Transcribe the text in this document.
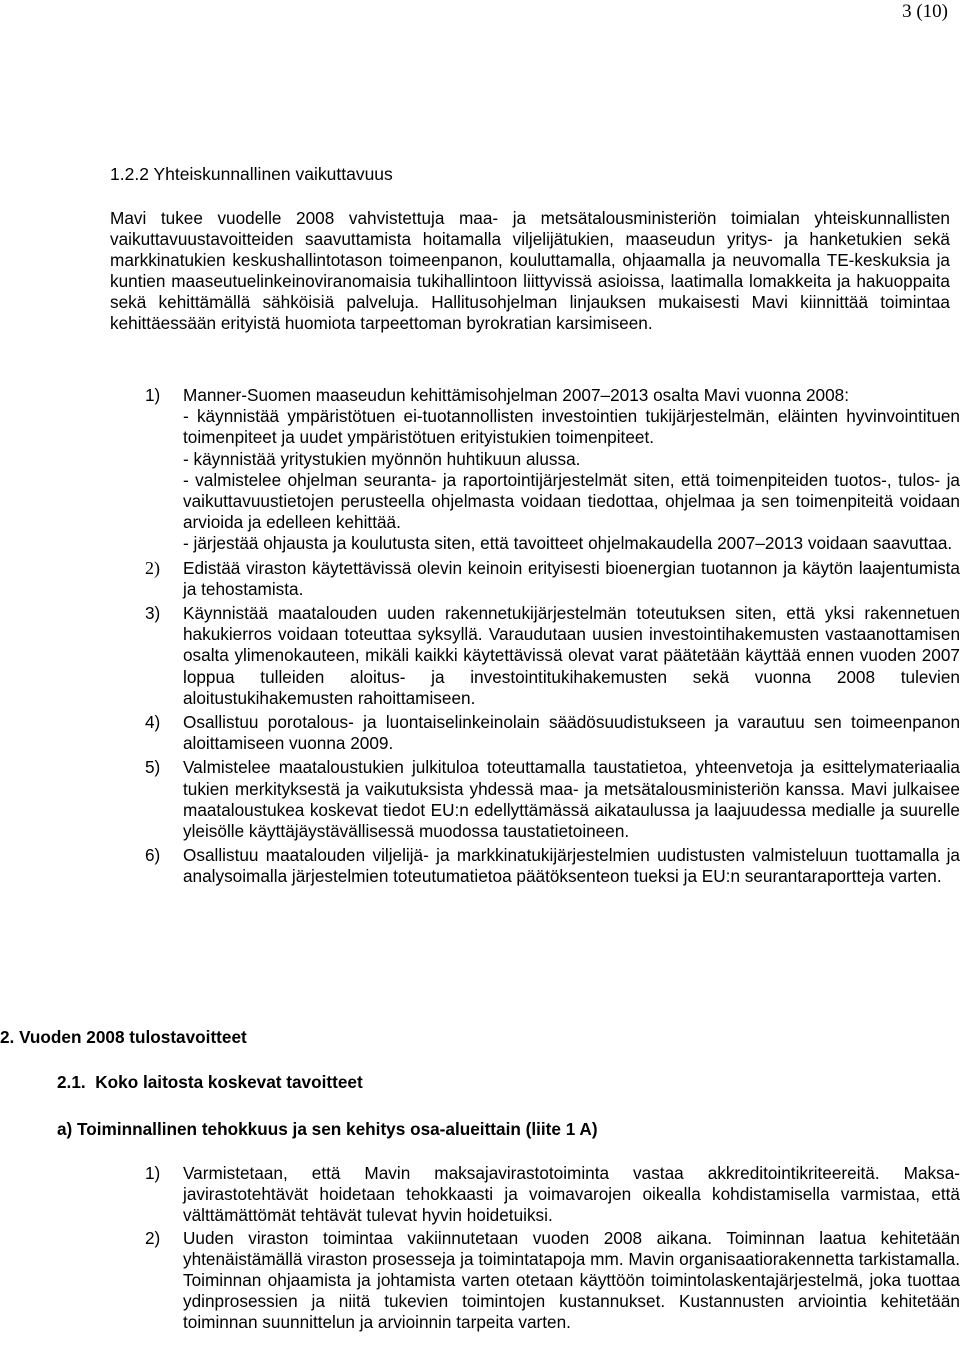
3 (10)
1.2.2 Yhteiskunnallinen vaikuttavuus
Mavi tukee vuodelle 2008 vahvistettuja maa- ja metsätalousministeriön toimialan yhteiskunnallisten vaikuttavuustavoitteiden saavuttamista hoitamalla viljelijätukien, maaseudun yritys- ja hanketukien sekä markkinatukien keskushallintotason toimeenpanon, kouluttamalla, ohjaamalla ja neuvomalla TE-keskuksia ja kuntien maaseutuelinkeinoviranomaisia tukihallintoon liittyvissä asioissa, laatimalla lomakkeita ja hakuoppaita sekä kehittämällä sähköisiä palveluja. Hallitusohjelman linjauksen mukaisesti Mavi kiinnittää toimintaa kehittäessään erityistä huomiota tarpeettoman byrokratian karsimiseen.
1) Manner-Suomen maaseudun kehittämisohjelman 2007–2013 osalta Mavi vuonna 2008:
- käynnistää ympäristötuen ei-tuotannollisten investointien tukijärjestelmän, eläinten hyvinvointituen toimenpiteet ja uudet ympäristötuen erityistukien toimenpiteet.
- käynnistää yritystukien myönnön huhtikuun alussa.
- valmistelee ohjelman seuranta- ja raportointijärjestelmät siten, että toimenpiteiden tuotos-, tulos- ja vaikuttavuustietojen perusteella ohjelmasta voidaan tiedottaa, ohjelmaa ja sen toimenpiteitä voidaan arvioida ja edelleen kehittää.
- järjestää ohjausta ja koulutusta siten, että tavoitteet ohjelmakaudella 2007–2013 voidaan saavuttaa.
2) Edistää viraston käytettävissä olevin keinoin erityisesti bioenergian tuotannon ja käytön laajentumista ja tehostamista.
3) Käynnistää maatalouden uuden rakennetukijärjestelmän toteutuksen siten, että yksi rakennetuen hakukierros voidaan toteuttaa syksyllä. Varaudutaan uusien investointihakemusten vastaanottamisen osalta ylimenokauteen, mikäli kaikki käytettävissä olevat varat päätetään käyttää ennen vuoden 2007 loppua tulleiden aloitus- ja investointitukihakemusten sekä vuonna 2008 tulevien aloitustukihakemusten rahoittamiseen.
4) Osallistuu porotalous- ja luontaiselinkeinolain säädösuudistukseen ja varautuu sen toimeenpanon aloittamiseen vuonna 2009.
5) Valmistelee maataloustukien julkituloa toteuttamalla taustatietoa, yhteenvetoja ja esittelymateriaalia tukien merkityksestä ja vaikutuksista yhdessä maa- ja metsätalousministeriön kanssa. Mavi julkaisee maataloustukea koskevat tiedot EU:n edellyttämässä aikataulussa ja laajuudessa medialle ja suurelle yleisölle käyttäjäystävällisessä muodossa taustatietoineen.
6) Osallistuu maatalouden viljelijä- ja markkinatukijärjestelmien uudistusten valmisteluun tuottamalla ja analysoimalla järjestelmien toteutumatietoa päätöksenteon tueksi ja EU:n seurantaraportteja varten.
2. Vuoden 2008 tulostavoitteet
2.1.  Koko laitosta koskevat tavoitteet
a) Toiminnallinen tehokkuus ja sen kehitys osa-alueittain (liite 1 A)
1) Varmistetaan, että Mavin maksajavirastotoiminta vastaa akkreditointikriteereitä. Maksajavirastotehtävät hoidetaan tehokkaasti ja voimavarojen oikealla kohdistamisella varmistaa, että välttämättömät tehtävät tulevat hyvin hoidetuiksi.
2) Uuden viraston toimintaa vakiinnutetaan vuoden 2008 aikana. Toiminnan laatua kehitetään yhtenäistämällä viraston prosesseja ja toimintatapoja mm. Mavin organisaatiorakennetta tarkistamalla. Toiminnan ohjaamista ja johtamista varten otetaan käyttöön toimintolaskentajärjestelmä, joka tuottaa ydinprosessien ja niitä tukevien toimintojen kustannukset. Kustannusten arviointia kehitetään toiminnan suunnittelun ja arvioinnin tarpeita varten.
